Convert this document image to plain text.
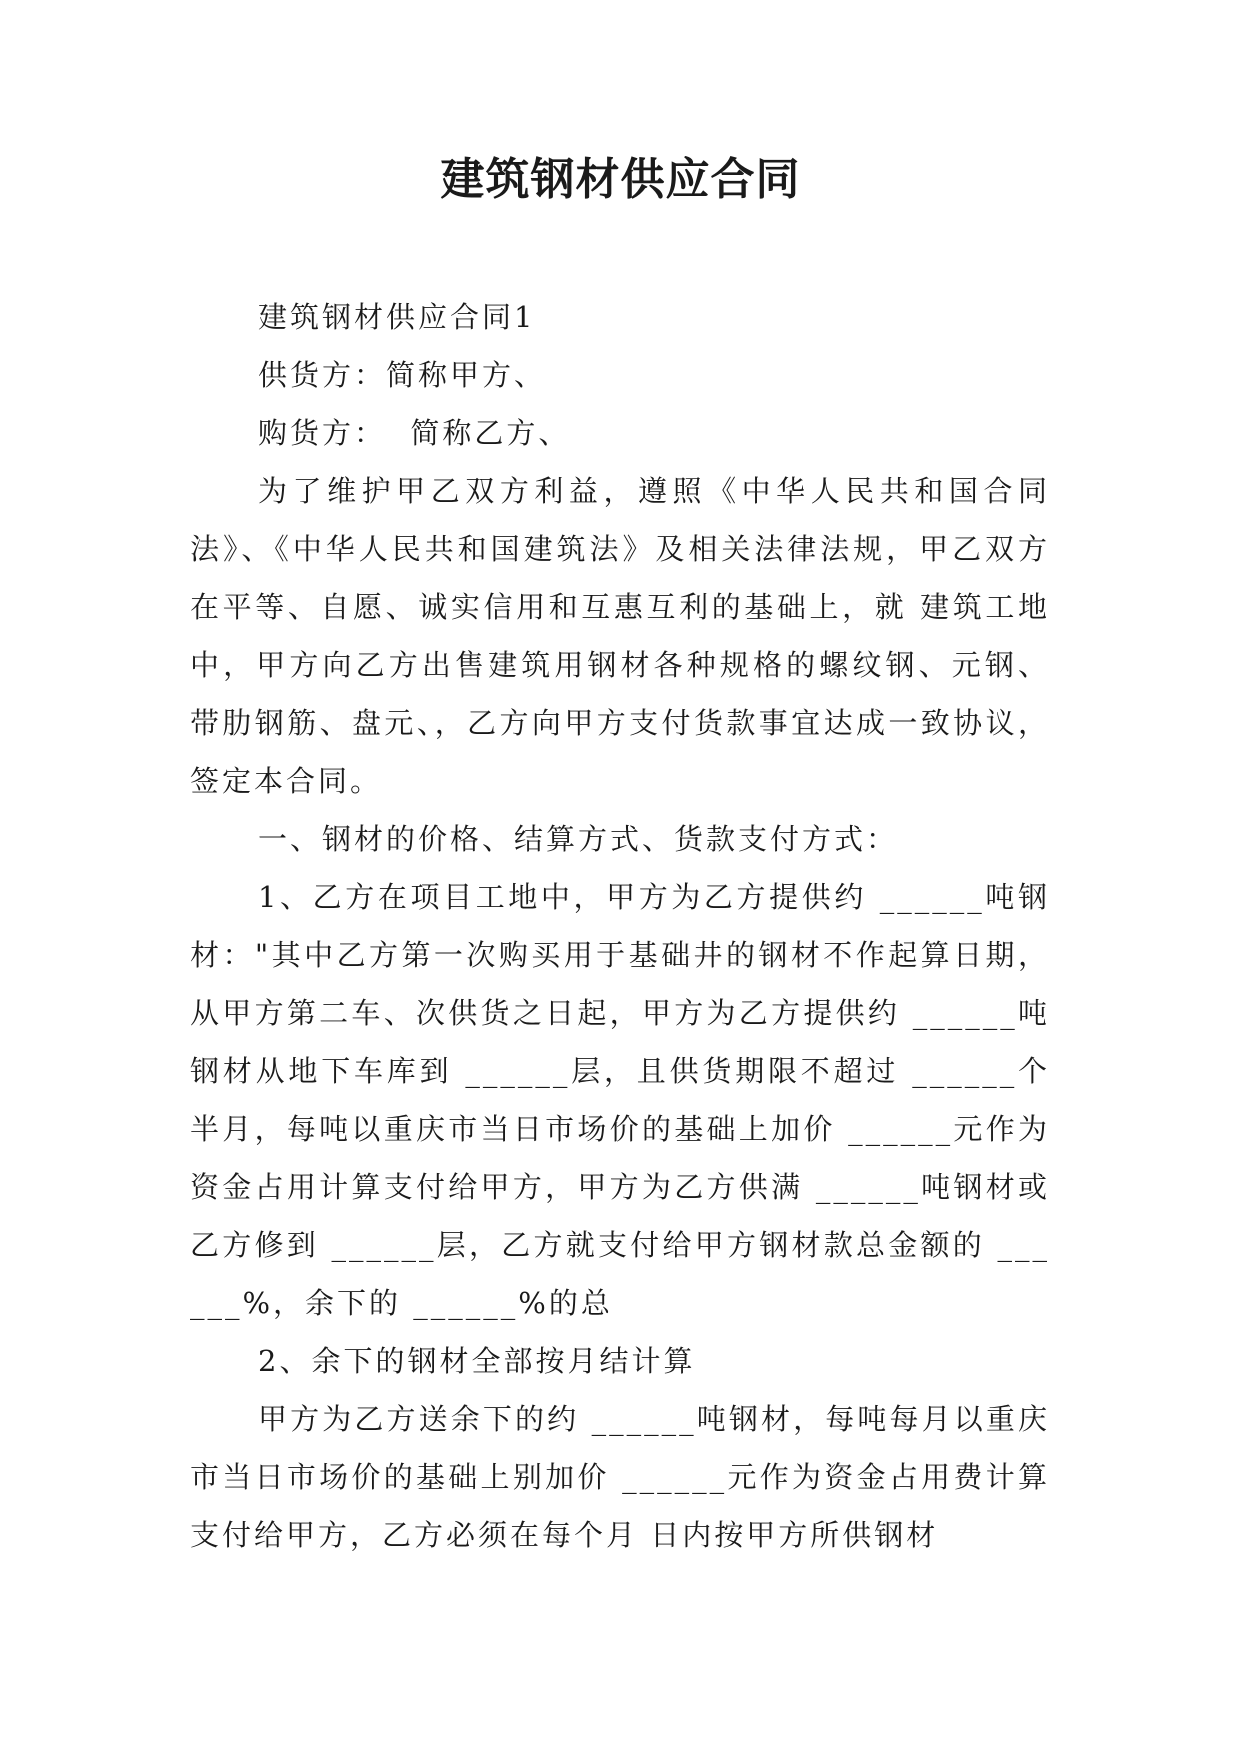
建筑钢材供应合同

建筑钢材供应合同1

供货方：简称甲方、

购货方：  简称乙方、

为了维护甲乙双方利益，遵照《中华人民共和国合同法》、《中华人民共和国建筑法》及相关法律法规，甲乙双方在平等、自愿、诚实信用和互惠互利的基础上，就 建筑工地中，甲方向乙方出售建筑用钢材各种规格的螺纹钢、元钢、带肋钢筋、盘元、，乙方向甲方支付货款事宜达成一致协议，签定本合同。

一、钢材的价格、结算方式、货款支付方式：

1、乙方在项目工地中，甲方为乙方提供约 ______吨钢材："其中乙方第一次购买用于基础井的钢材不作起算日期，从甲方第二车、次供货之日起，甲方为乙方提供约 ______吨钢材从地下车库到 ______层，且供货期限不超过 ______个半月，每吨以重庆市当日市场价的基础上加价 ______元作为资金占用计算支付给甲方，甲方为乙方供满 ______吨钢材或乙方修到 ______层，乙方就支付给甲方钢材款总金额的 ______%，余下的 ______%的总

2、余下的钢材全部按月结计算

甲方为乙方送余下的约 ______吨钢材，每吨每月以重庆市当日市场价的基础上别加价 ______元作为资金占用费计算支付给甲方，乙方必须在每个月 日内按甲方所供钢材
